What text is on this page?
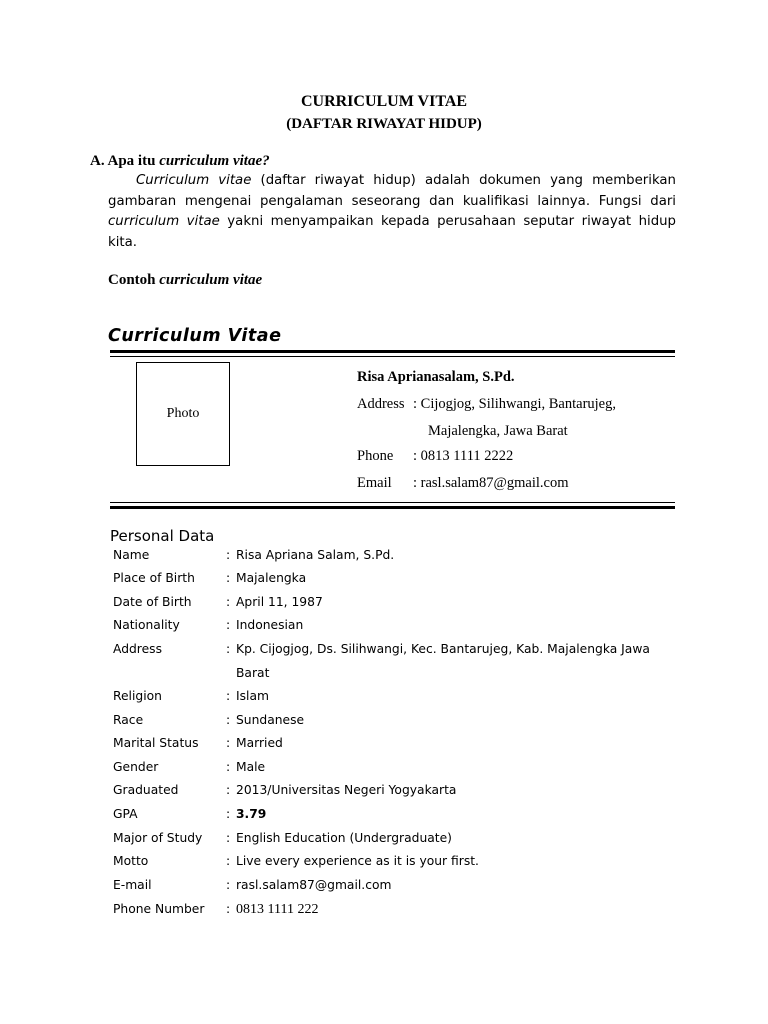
CURRICULUM VITAE
(DAFTAR RIWAYAT HIDUP)
A. Apa itu curriculum vitae?
Curriculum vitae (daftar riwayat hidup) adalah dokumen yang memberikan gambaran mengenai pengalaman seseorang dan kualifikasi lainnya. Fungsi dari curriculum vitae yakni menyampaikan kepada perusahaan seputar riwayat hidup kita.
Contoh curriculum vitae
Curriculum Vitae
Photo
Risa Aprianasalam, S.Pd.
Address : Cijogjog, Silihwangi, Bantarujeg,
Majalengka, Jawa Barat
Phone : 0813 1111 2222
Email : rasl.salam87@gmail.com
Personal Data
Name	: Risa Apriana Salam, S.Pd.
Place of Birth	: Majalengka
Date of Birth	: April 11, 1987
Nationality	: Indonesian
Address	: Kp. Cijogjog, Ds. Silihwangi, Kec. Bantarujeg, Kab. Majalengka Jawa
Barat
Religion	: Islam
Race	: Sundanese
Marital Status : Married
Gender	: Male
Graduated	: 2013/Universitas Negeri Yogyakarta
GPA	: 3.79
Major of Study : English Education (Undergraduate)
Motto	: Live every experience as it is your first.
E-mail	: rasl.salam87@gmail.com
Phone Number : 0813 1111 222
